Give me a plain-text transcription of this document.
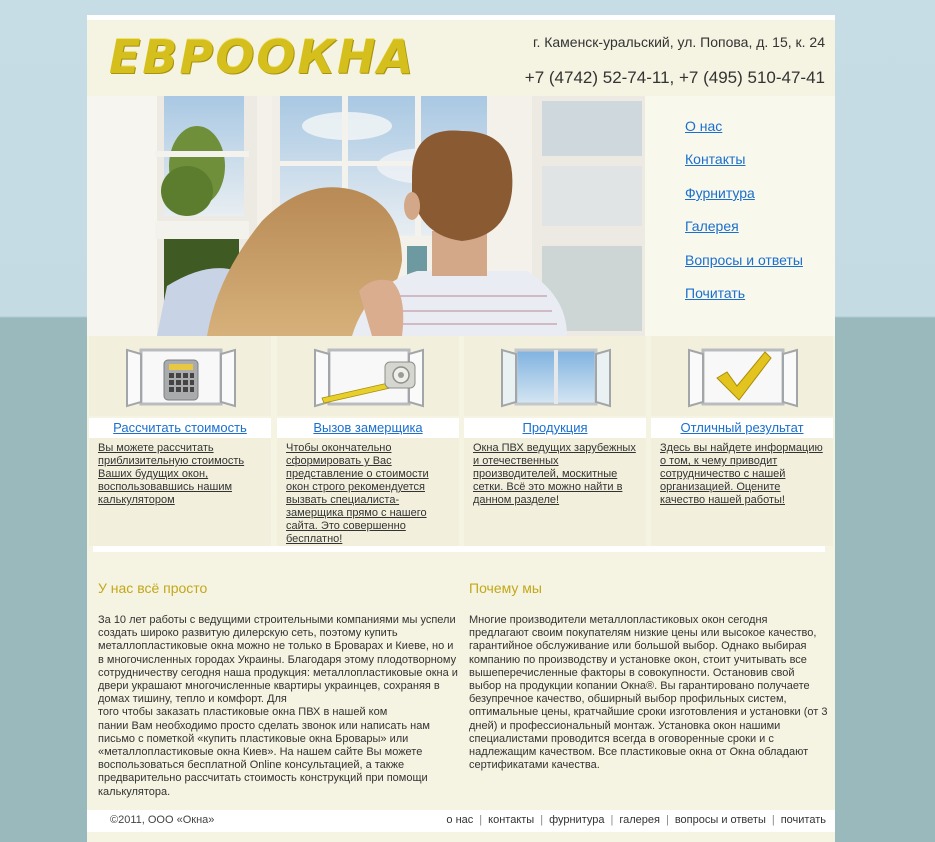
ЕВРООКНА	г. Каменск-уральский, ул. Попова, д. 15, к. 24
+7 (4742) 52-74-11, +7 (495) 510-47-41
О нас
Контакты
Фурнитура
Галерея
Вопросы и ответы
Почитать
Рассчитать стоимость

Вы можете рассчитать приблизительную стоимость Ваших будущих окон, воспользовавшись нашим калькулятором

Вызов замерщика

Чтобы окончательно сформировать у Вас представление о стоимости окон строго рекомендуется вызвать специалиста-замерщика прямо с нашего сайта. Это совершенно бесплатно!

Продукция

Окна ПВХ ведущих зарубежных и отечественных производителей, москитные сетки. Всё это можно найти в данном разделе!

Отличный результат

Здесь вы найдете информацию о том, к чему приводит сотрудничество с нашей организацией. Оцените качество нашей работы!

У нас всё просто

За 10 лет работы с ведущими строительными компаниями мы успели создать широко развитую дилерскую сеть, поэтому купить металлопластиковые окна можно не только в Броварах и Киеве, но и в многочисленных городах Украины. Благодаря этому плодотворному сотрудничеству сегодня наша продукция: металлопластиковые окна и двери украшают многочисленные квартиры украинцев, сохраняя в домах тишину, тепло и комфорт. Для
того чтобы заказать пластиковые окна ПВХ в нашей ком
пании Вам необходимо просто сделать звонок или написать нам письмо с пометкой «купить пластиковые окна Бровары» или «металлопластиковые окна Киев». На нашем сайте Вы можете воспользоваться бесплатной Online консультацией, а также предварительно рассчитать стоимость конструкций при помощи калькулятора.

Почему мы

Многие производители металлопластиковых окон сегодня предлагают своим покупателям низкие цены или высокое качество, гарантийное обслуживание или большой выбор. Однако выбирая компанию по производству и установке окон, стоит учитывать все вышеперечисленные факторы в совокупности. Остановив свой выбор на продукции копании Окна®. Вы гарантировано получаете безупречное качество, обширный выбор профильных систем, оптимальные цены, кратчайшие сроки изготовления и установки (от 3 дней) и профессиональный монтаж. Установка окон нашими специалистами проводится всегда в оговоренные сроки и с надлежащим качеством. Все пластиковые окна от Окна обладают сертификатами качества.

©2011, ООО «Окна»	о нас | контакты | фурнитура | галерея | вопросы и ответы | почитать
